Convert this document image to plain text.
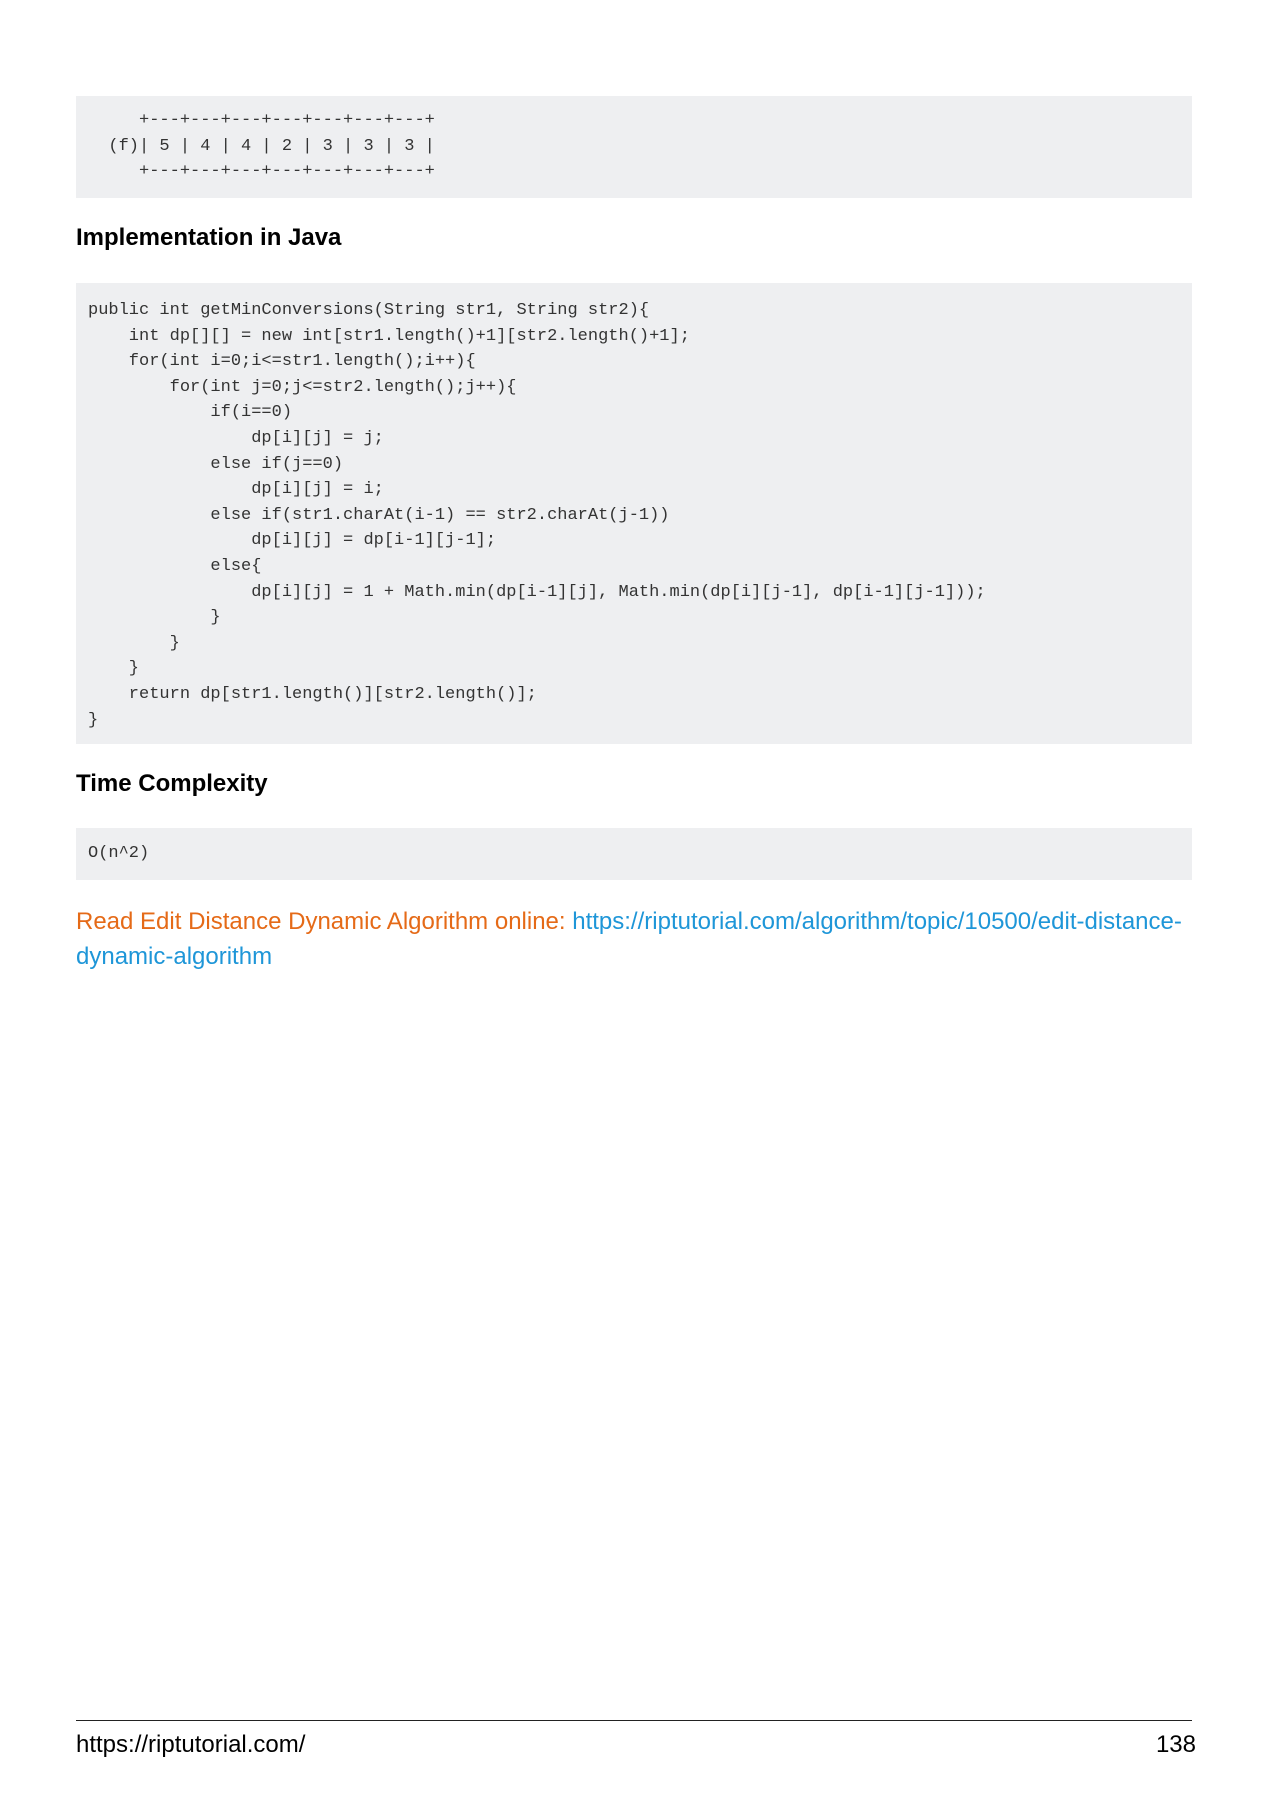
+---+---+---+---+---+---+---+
(f)| 5 | 4 | 4 | 2 | 3 | 3 | 3 |
+---+---+---+---+---+---+---+
Implementation in Java
public int getMinConversions(String str1, String str2){
int dp[][] = new int[str1.length()+1][str2.length()+1];
for(int i=0;i<=str1.length();i++){
for(int j=0;j<=str2.length();j++){
if(i==0)
dp[i][j] = j;
else if(j==0)
dp[i][j] = i;
else if(str1.charAt(i-1) == str2.charAt(j-1))
dp[i][j] = dp[i-1][j-1];
else{
dp[i][j] = 1 + Math.min(dp[i-1][j], Math.min(dp[i][j-1], dp[i-1][j-1]));
}
}
}
return dp[str1.length()][str2.length()];
}
Time Complexity
O(n^2)

Read Edit Distance Dynamic Algorithm online: https://riptutorial.com/algorithm/topic/10500/edit-distance-dynamic-algorithm

https://riptutorial.com/	138
